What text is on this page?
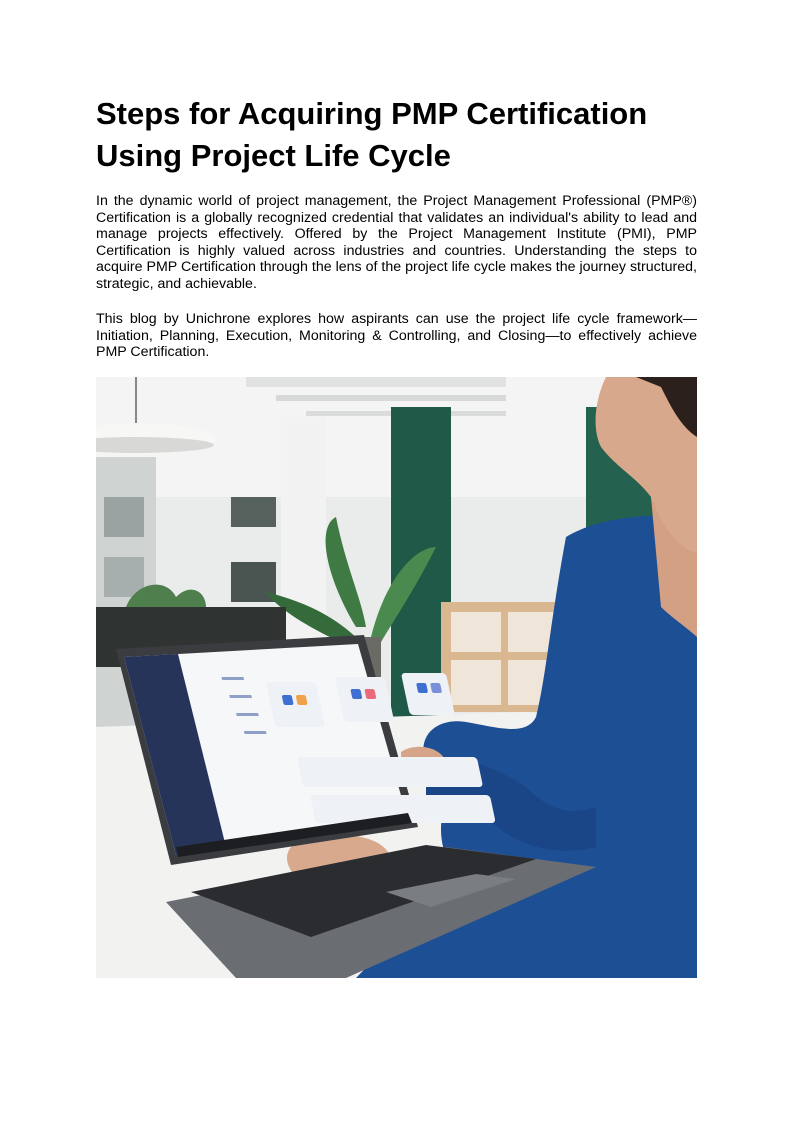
Steps for Acquiring PMP Certification
Using Project Life Cycle

In the dynamic world of project management, the Project Management Professional (PMP®) Certification is a globally recognized credential that validates an individual's ability to lead and manage projects effectively. Offered by the Project Management Institute (PMI), PMP Certification is highly valued across industries and countries. Understanding the steps to acquire PMP Certification through the lens of the project life cycle makes the journey structured, strategic, and achievable.

This blog by Unichrone explores how aspirants can use the project life cycle framework—Initiation, Planning, Execution, Monitoring & Controlling, and Closing—to effectively achieve PMP Certification.
